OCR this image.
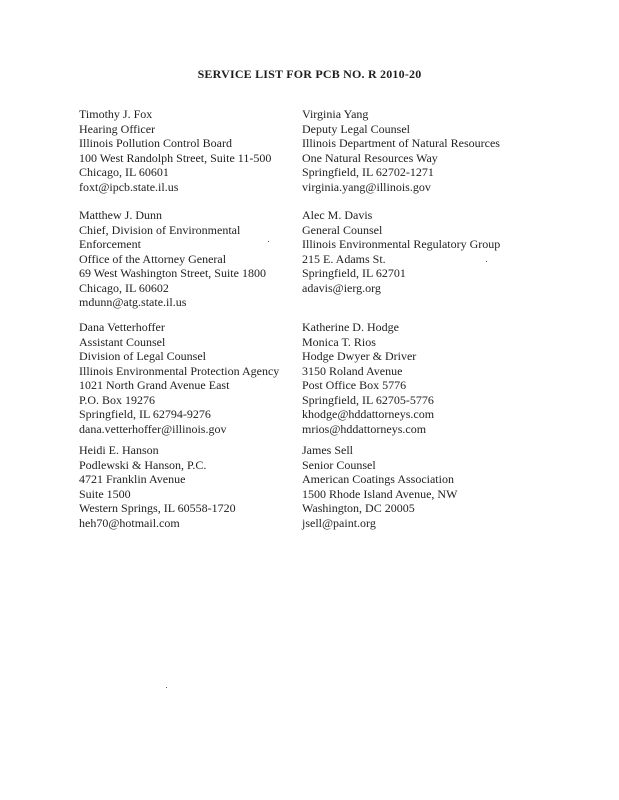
SERVICE LIST FOR PCB NO. R 2010-20
Timothy J. Fox
Hearing Officer
Illinois Pollution Control Board
100 West Randolph Street, Suite 11-500
Chicago, IL 60601
foxt@ipcb.state.il.us
Matthew J. Dunn
Chief, Division of Environmental
Enforcement
Office of the Attorney General
69 West Washington Street, Suite 1800
Chicago, IL 60602
mdunn@atg.state.il.us
Dana Vetterhoffer
Assistant Counsel
Division of Legal Counsel
Illinois Environmental Protection Agency
1021 North Grand Avenue East
P.O. Box 19276
Springfield, IL 62794-9276
dana.vetterhoffer@illinois.gov
Heidi E. Hanson
Podlewski & Hanson, P.C.
4721 Franklin Avenue
Suite 1500
Western Springs, IL 60558-1720
heh70@hotmail.com
Virginia Yang
Deputy Legal Counsel
Illinois Department of Natural Resources
One Natural Resources Way
Springfield, IL 62702-1271
virginia.yang@illinois.gov
Alec M. Davis
General Counsel
Illinois Environmental Regulatory Group
215 E. Adams St.
Springfield, IL 62701
adavis@ierg.org
Katherine D. Hodge
Monica T. Rios
Hodge Dwyer & Driver
3150 Roland Avenue
Post Office Box 5776
Springfield, IL 62705-5776
khodge@hddattorneys.com
mrios@hddattorneys.com
James Sell
Senior Counsel
American Coatings Association
1500 Rhode Island Avenue, NW
Washington, DC 20005
jsell@paint.org
